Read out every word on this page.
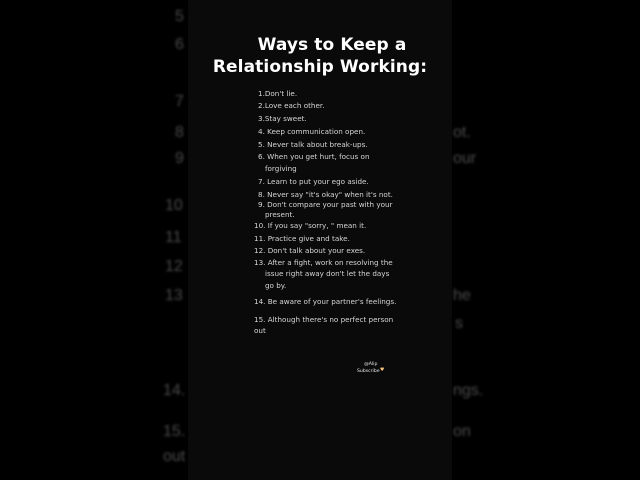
5
6
7
8
9
10
11
12
13
14.
15.
out
ot.
our
he
s
ngs.
on
Ways to Keep a
Relationship Working:
1.Don't lie.
2.Love each other.
3.Stay sweet.
4. Keep communication open.
5. Never talk about break-ups.
6. When you get hurt, focus on
forgiving
7. Learn to put your ego aside.
8. Never say "it's okay" when it's not.
9. Don't compare your past with your
present.
10. If you say "sorry, " mean it.
11. Practice give and take.
12. Don't talk about your exes.
13. After a fight, work on resolving the
issue right away don't let the days
go by.
14. Be aware of your partner's feelings.
15. Although there's no perfect person
out
@Alip
Subscribe♥
